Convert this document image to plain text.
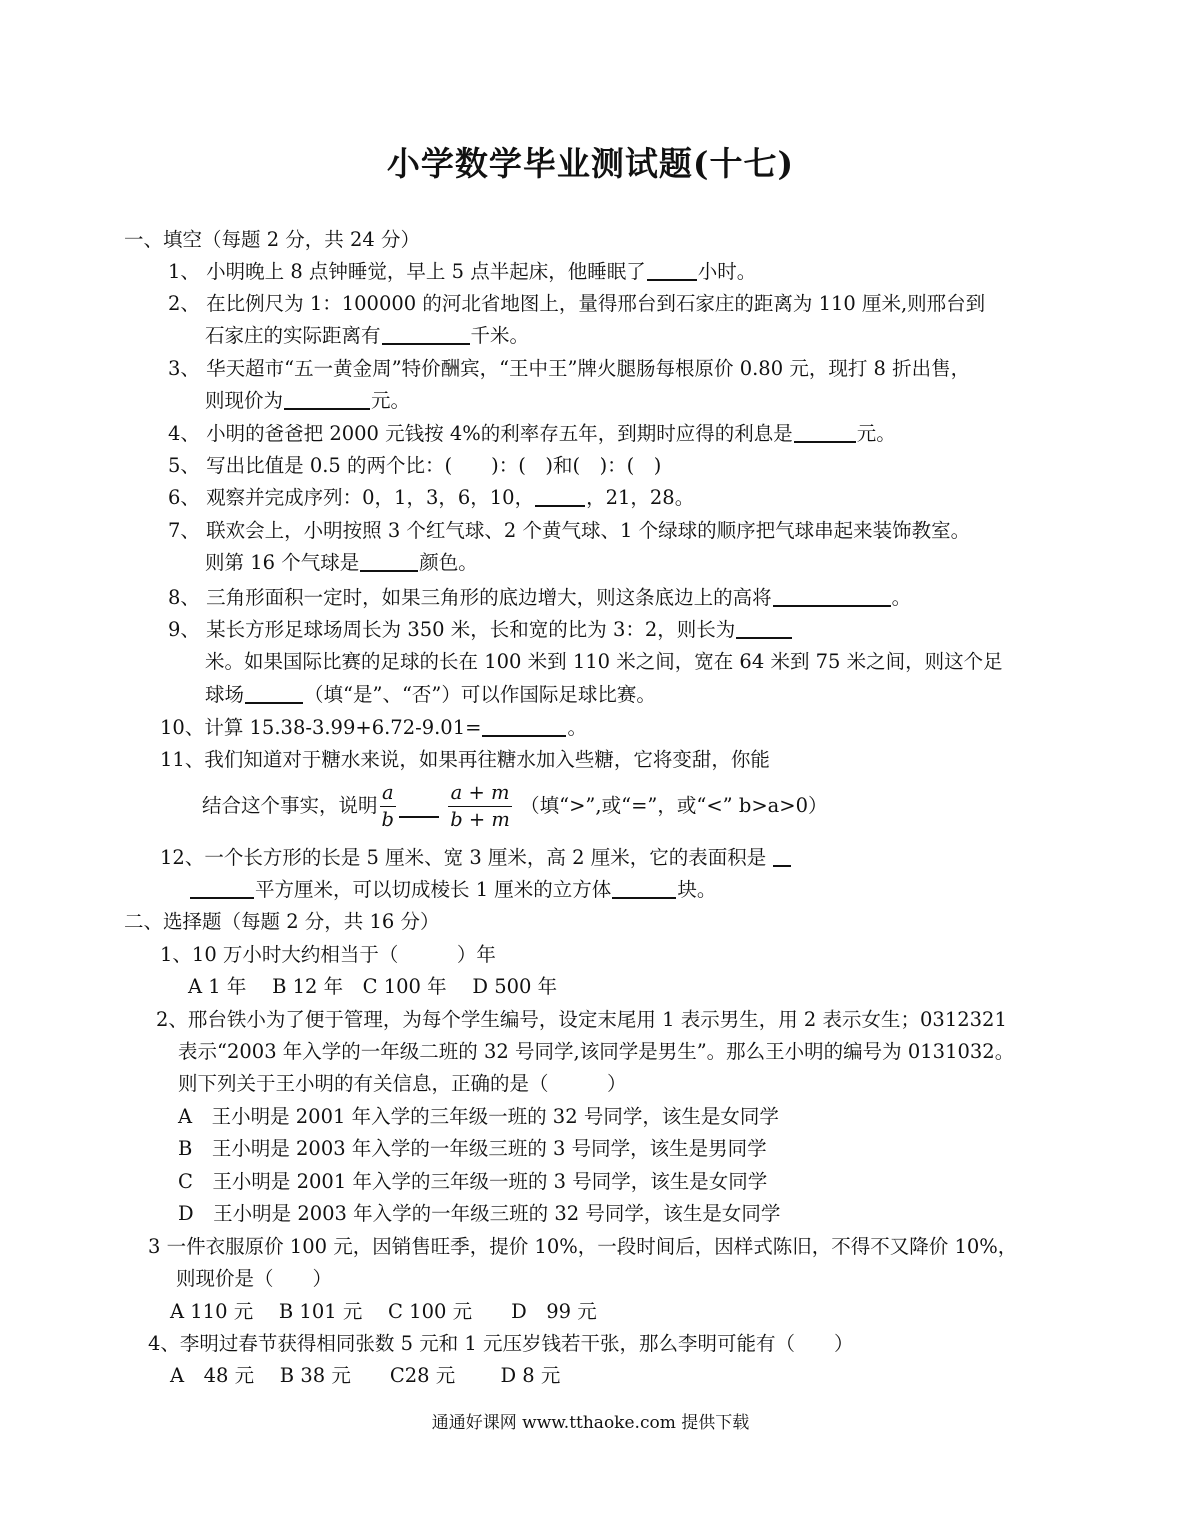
小学数学毕业测试题(十七)
一、填空（每题 2 分，共 24 分）
1、 小明晚上 8 点钟睡觉，早上 5 点半起床，他睡眠了	小时。
2、 在比例尺为 1：100000 的河北省地图上，量得邢台到石家庄的距离为 110 厘米,则邢台到
石家庄的实际距离有	千米。
3、 华天超市“五一黄金周”特价酬宾，“王中王”牌火腿肠每根原价 0.80 元，现打 8 折出售，
则现价为	元。
4、 小明的爸爸把 2000 元钱按 4%的利率存五年，到期时应得的利息是	元。
5、 写出比值是 0.5 的两个比：(　　)：(　)和(　)：(　)
6、 观察并完成序列：0，1，3，6，10，	，21，28。
7、 联欢会上，小明按照 3 个红气球、2 个黄气球、1 个绿球的顺序把气球串起来装饰教室。
则第 16 个气球是	颜色。
8、 三角形面积一定时，如果三角形的底边增大，则这条底边上的高将	。
9、 某长方形足球场周长为 350 米，长和宽的比为 3：2，则长为
米。如果国际比赛的足球的长在 100 米到 110 米之间，宽在 64 米到 75 米之间，则这个足
球场	（填“是”、“否”）可以作国际足球比赛。
10、计算 15.38-3.99+6.72-9.01=	。
11、我们知道对于糖水来说，如果再往糖水加入些糖，它将变甜，你能
结合这个事实，说明 $\frac{a}{b}$
	$\frac{a + m}{b + m}$ （填“>”,或“=”，或“<” b>a>0）
12、一个长方形的长是 5 厘米、宽 3 厘米，高 2 厘米，它的表面积是
平方厘米，可以切成棱长 1 厘米的立方体	块。
二、选择题（每题 2 分，共 16 分）
1、10 万小时大约相当于（　　　）年
A 1 年　 B 12 年　C 100 年　 D 500 年
2、邢台铁小为了便于管理，为每个学生编号，设定末尾用 1 表示男生，用 2 表示女生；0312321
表示“2003 年入学的一年级二班的 32 号同学,该同学是男生”。那么王小明的编号为 0131032。
则下列关于王小明的有关信息，正确的是（　　　）
A　王小明是 2001 年入学的三年级一班的 32 号同学，该生是女同学
B　王小明是 2003 年入学的一年级三班的 3 号同学，该生是男同学
C　王小明是 2001 年入学的三年级一班的 3 号同学，该生是女同学
D　王小明是 2003 年入学的一年级三班的 32 号同学，该生是女同学
3 一件衣服原价 100 元，因销售旺季，提价 10%，一段时间后，因样式陈旧，不得不又降价 10%，
则现价是（　　）
A 110 元　 B 101 元　 C 100 元　　D　99 元
4、李明过春节获得相同张数 5 元和 1 元压岁钱若干张，那么李明可能有（　　）
A　48 元　 B 38 元　　C28 元　　 D 8 元
通通好课网 www.tthaoke.com 提供下载
